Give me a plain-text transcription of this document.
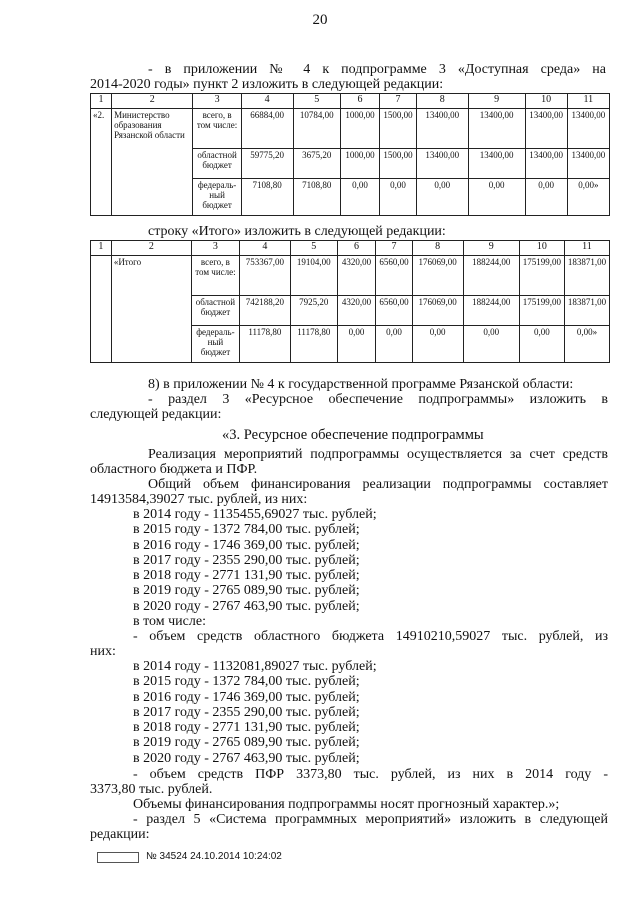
20
- в приложении № 4 к подпрограмме 3 «Доступная среда» на
2014-2020 годы» пункт 2 изложить в следующей редакции:
1	2	3	4	5	6	7	8	9	10	11
«2.	Министерство образования Рязанской области	всего, в том числе:	66884,00	10784,00	1000,00	1500,00	13400,00	13400,00	13400,00	13400,00
		областной бюджет	59775,20	3675,20	1000,00	1500,00	13400,00	13400,00	13400,00	13400,00
		федераль-ный бюджет	7108,80	7108,80	0,00	0,00	0,00	0,00	0,00	0,00»
строку «Итого» изложить в следующей редакции:
1	2	3	4	5	6	7	8	9	10	11
	«Итого	всего, в том числе:	753367,00	19104,00	4320,00	6560,00	176069,00	188244,00	175199,00	183871,00
		областной бюджет	742188,20	7925,20	4320,00	6560,00	176069,00	188244,00	175199,00	183871,00
		федераль-ный бюджет	11178,80	11178,80	0,00	0,00	0,00	0,00	0,00	0,00»
8) в приложении № 4 к государственной программе Рязанской области:
- раздел 3 «Ресурсное обеспечение подпрограммы» изложить в
следующей редакции:
«3. Ресурсное обеспечение подпрограммы
Реализация мероприятий подпрограммы осуществляется за счет средств
областного бюджета и ПФР.
Общий объем финансирования реализации подпрограммы составляет
14913584,39027 тыс. рублей, из них:
в 2014 году - 1135455,69027 тыс. рублей;
в 2015 году - 1372 784,00 тыс. рублей;
в 2016 году - 1746 369,00 тыс. рублей;
в 2017 году - 2355 290,00 тыс. рублей;
в 2018 году - 2771 131,90 тыс. рублей;
в 2019 году - 2765 089,90 тыс. рублей;
в 2020 году - 2767 463,90 тыс. рублей;
в том числе:
- объем средств областного бюджета 14910210,59027 тыс. рублей, из
них:
в 2014 году - 1132081,89027 тыс. рублей;
в 2015 году - 1372 784,00 тыс. рублей;
в 2016 году - 1746 369,00 тыс. рублей;
в 2017 году - 2355 290,00 тыс. рублей;
в 2018 году - 2771 131,90 тыс. рублей;
в 2019 году - 2765 089,90 тыс. рублей;
в 2020 году - 2767 463,90 тыс. рублей;
- объем средств ПФР 3373,80 тыс. рублей, из них в 2014 году -
3373,80 тыс. рублей.
Объемы финансирования подпрограммы носят прогнозный характер.»;
- раздел 5 «Система программных мероприятий» изложить в следующей
редакции:
№ 34524 24.10.2014 10:24:02
